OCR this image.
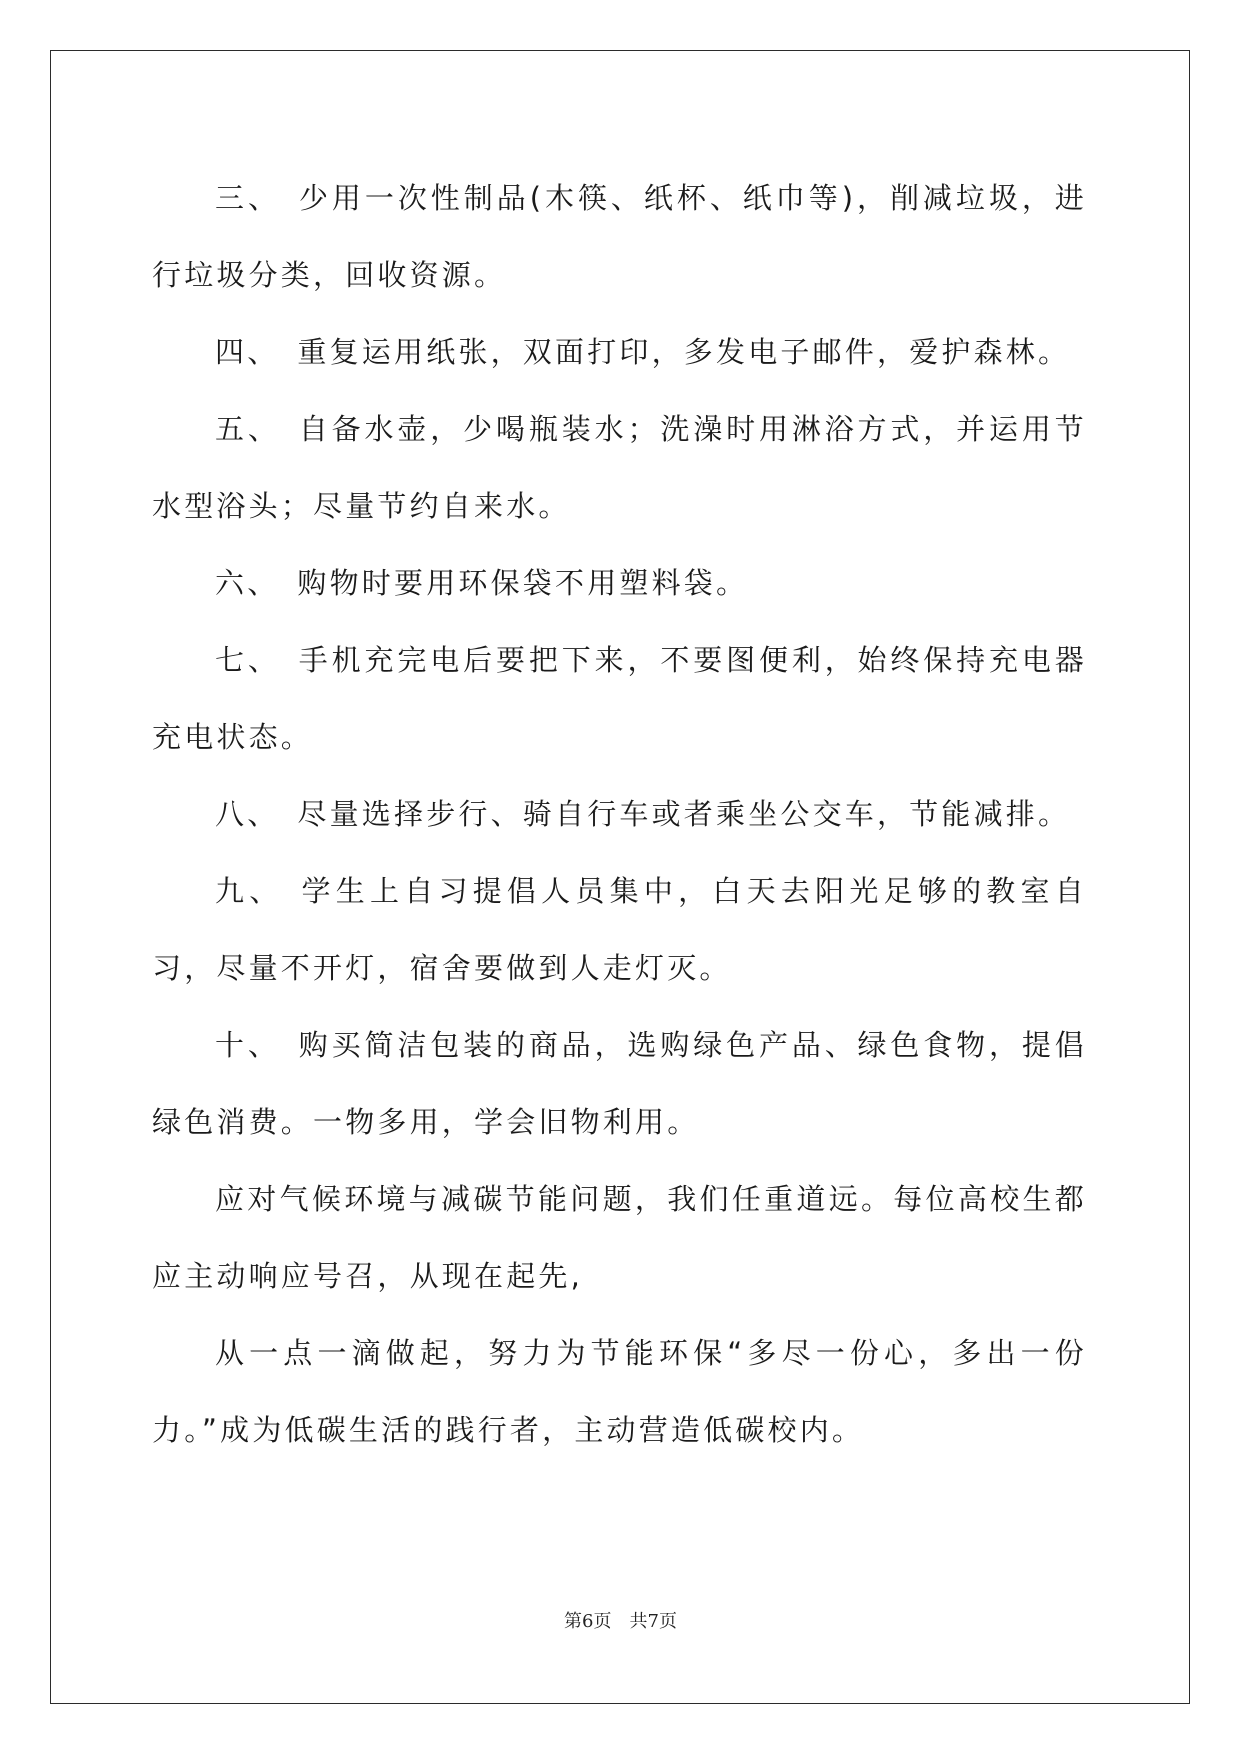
三、 少用一次性制品(木筷、纸杯、纸巾等)，削减垃圾，进行垃圾分类，回收资源。

四、 重复运用纸张，双面打印，多发电子邮件，爱护森林。

五、 自备水壶，少喝瓶装水；洗澡时用淋浴方式，并运用节水型浴头；尽量节约自来水。

六、 购物时要用环保袋不用塑料袋。

七、 手机充完电后要把下来，不要图便利，始终保持充电器充电状态。

八、 尽量选择步行、骑自行车或者乘坐公交车，节能减排。

九、 学生上自习提倡人员集中，白天去阳光足够的教室自习，尽量不开灯，宿舍要做到人走灯灭。

十、 购买简洁包装的商品，选购绿色产品、绿色食物，提倡绿色消费。一物多用，学会旧物利用。

应对气候环境与减碳节能问题，我们任重道远。每位高校生都应主动响应号召，从现在起先,

从一点一滴做起，努力为节能环保“多尽一份心，多出一份力。”成为低碳生活的践行者，主动营造低碳校内。

第6页 共7页
